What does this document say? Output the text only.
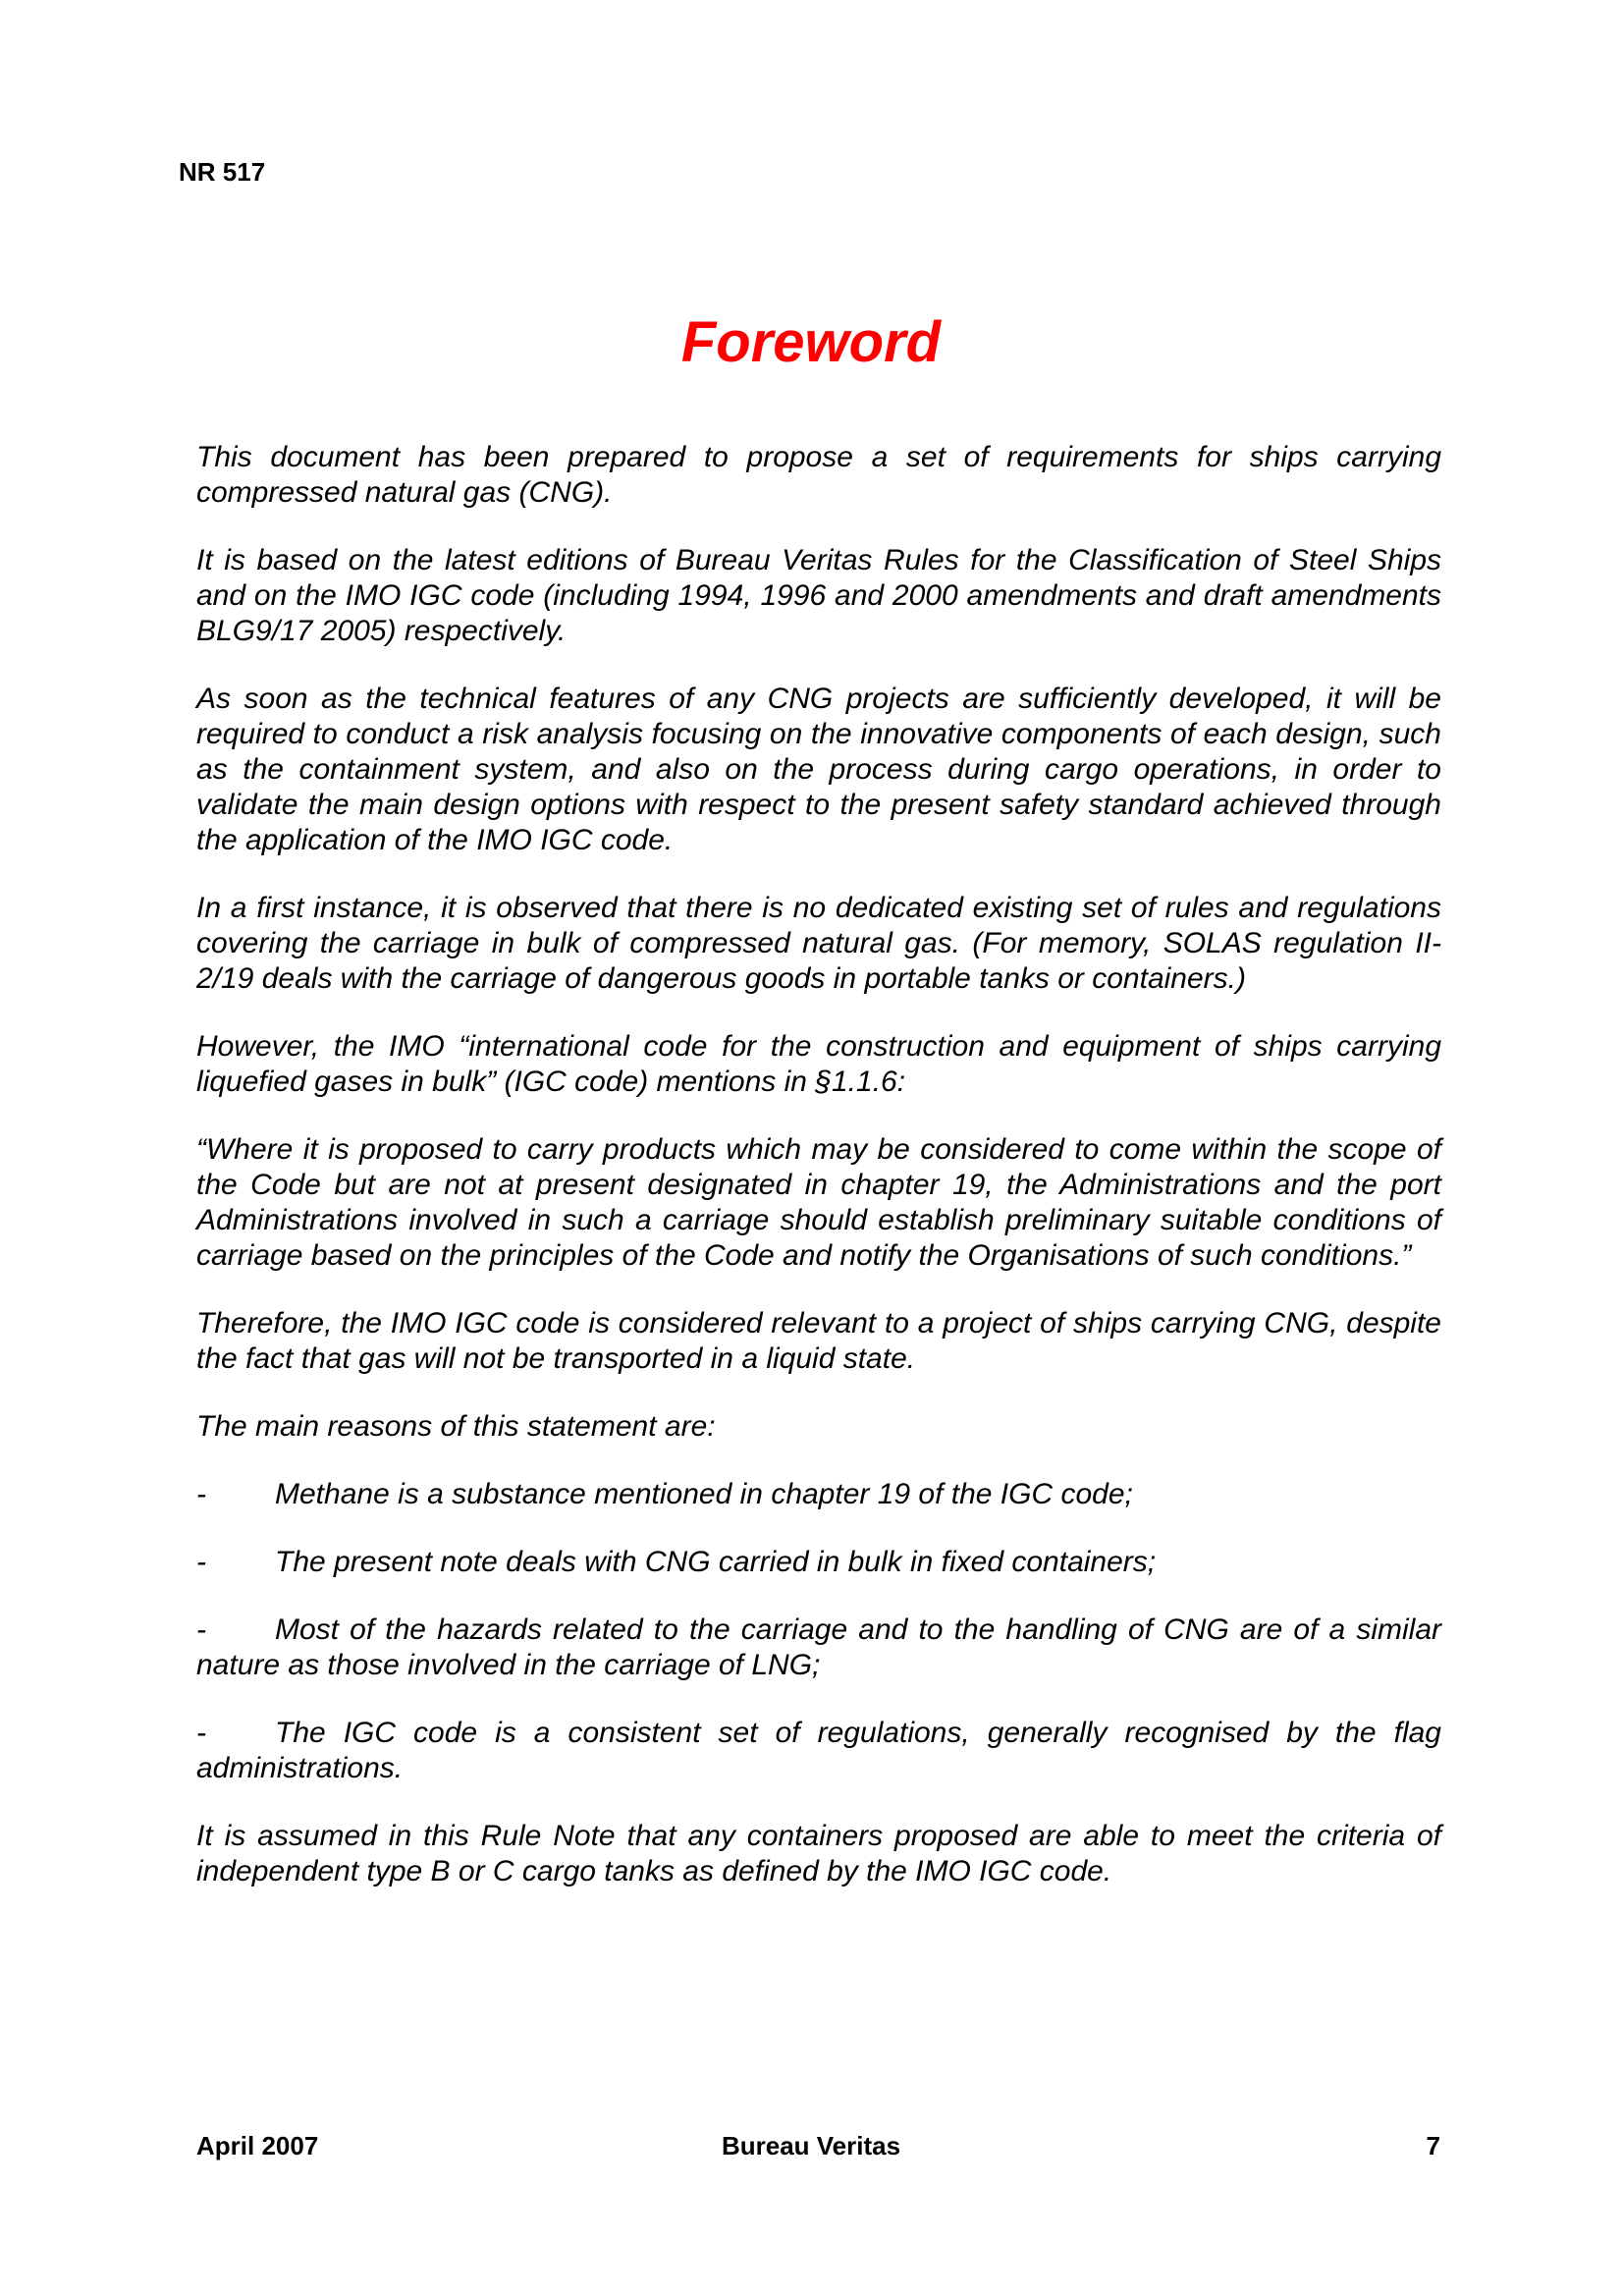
NR 517
Foreword

This document has been prepared to propose a set of requirements for ships carrying compressed natural gas (CNG).

It is based on the latest editions of Bureau Veritas Rules for the Classification of Steel Ships and on the IMO IGC code (including 1994, 1996 and 2000 amendments and draft amendments BLG9/17 2005) respectively.

As soon as the technical features of any CNG projects are sufficiently developed, it will be required to conduct a risk analysis focusing on the innovative components of each design, such as the containment system, and also on the process during cargo operations, in order to validate the main design options with respect to the present safety standard achieved through the application of the IMO IGC code.

In a first instance, it is observed that there is no dedicated existing set of rules and regulations covering the carriage in bulk of compressed natural gas. (For memory, SOLAS regulation II-2/19 deals with the carriage of dangerous goods in portable tanks or containers.)

However, the IMO “international code for the construction and equipment of ships carrying liquefied gases in bulk” (IGC code) mentions in §1.1.6:

“Where it is proposed to carry products which may be considered to come within the scope of the Code but are not at present designated in chapter 19, the Administrations and the port Administrations involved in such a carriage should establish preliminary suitable conditions of carriage based on the principles of the Code and notify the Organisations of such conditions.”

Therefore, the IMO IGC code is considered relevant to a project of ships carrying CNG, despite the fact that gas will not be transported in a liquid state.

The main reasons of this statement are:

- Methane is a substance mentioned in chapter 19 of the IGC code;
- The present note deals with CNG carried in bulk in fixed containers;
- Most of the hazards related to the carriage and to the handling of CNG are of a similar nature as those involved in the carriage of LNG;
- The IGC code is a consistent set of regulations, generally recognised by the flag administrations.

It is assumed in this Rule Note that any containers proposed are able to meet the criteria of independent type B or C cargo tanks as defined by the IMO IGC code.

April 2007	Bureau Veritas	7
